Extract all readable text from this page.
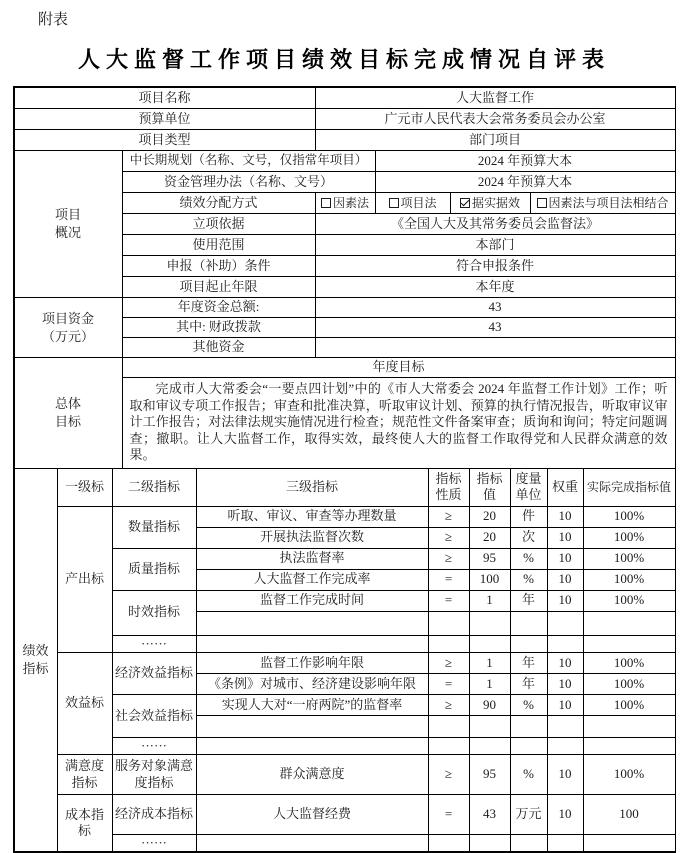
附表
人大监督工作项目绩效目标完成情况自评表
项目名称		人大监督工作			
预算单位		广元市人民代表大会常务委员会办公室			
项目类型		部门项目			
项目概况	中长期规划（名称、文号，仅指常年项目）		2024 年预算大本		
	资金管理办法（名称、文号）		2024 年预算大本		
	绩效分配方式	因素法	项目法	据实据效	因素法与项目法相结合
	立项依据	《全国人大及其常务委员会监督法》			
	使用范围	本部门			
	申报（补助）条件	符合申报条件			
	项目起止年限	本年度			
项目资金（万元）	年度资金总额:	43			
	其中: 财政拨款	43			
	其他资金				
总体目标	年度目标
完成市人大常委会“一要点四计划”中的《市人大常委会 2024 年监督工作计划》工作；听取和审议专项工作报告；审查和批准决算，听取审议计划、预算的执行情况报告，听取审议审计工作报告；对法律法规实施情况进行检查；规范性文件备案审查；质询和询问；特定问题调查；撤职。让人大监督工作，取得实效，最终使人大的监督工作取得党和人民群众满意的效果。
绩效指标	一级标	二级指标	三级指标	指标性质	指标值	度量单位	权重	实际完成指标值
	产出标	数量指标	听取、审议、审查等办理数量	≥	20	件	10	100%
			开展执法监督次数	≥	20	次	10	100%
		质量指标	执法监督率	≥	95	%	10	100%
			人大监督工作完成率	=	100	%	10	100%
		时效指标	监督工作完成时间	=	1	年	10	100%

		······						
	效益标	经济效益指标	监督工作影响年限	≥	1	年	10	100%
			《条例》对城市、经济建设影响年限	=	1	年	10	100%
		社会效益指标	实现人大对“一府两院”的监督率	≥	90	%	10	100%

		······						
	满意度指标	服务对象满意度指标	群众满意度	≥	95	%	10	100%
	成本指标	经济成本指标	人大监督经费	=	43	万元	10	100
		······						
